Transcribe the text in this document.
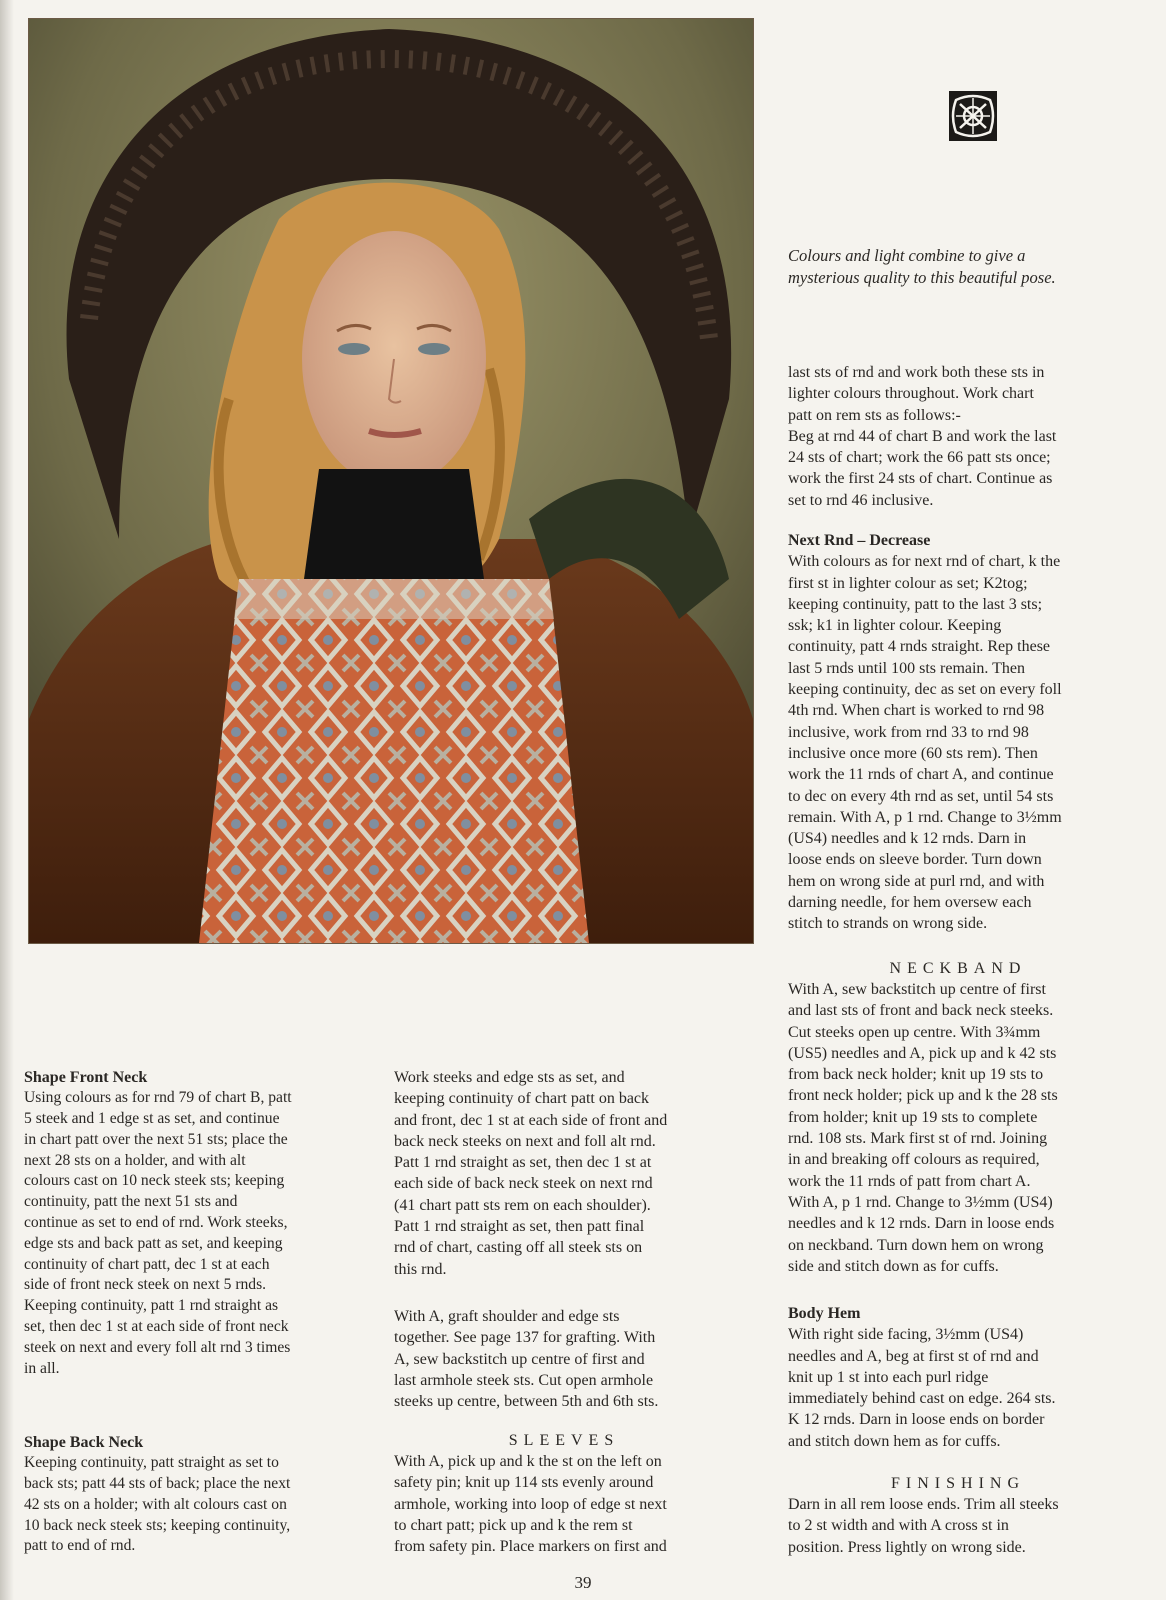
Colours and light combine to give a
mysterious quality to this beautiful pose.
last sts of rnd and work both these sts in
lighter colours throughout. Work chart
patt on rem sts as follows:-
Beg at rnd 44 of chart B and work the last
24 sts of chart; work the 66 patt sts once;
work the first 24 sts of chart. Continue as
set to rnd 46 inclusive.
Next Rnd – Decrease
With colours as for next rnd of chart, k the
first st in lighter colour as set; K2tog;
keeping continuity, patt to the last 3 sts;
ssk; k1 in lighter colour. Keeping
continuity, patt 4 rnds straight. Rep these
last 5 rnds until 100 sts remain. Then
keeping continuity, dec as set on every foll
4th rnd. When chart is worked to rnd 98
inclusive, work from rnd 33 to rnd 98
inclusive once more (60 sts rem). Then
work the 11 rnds of chart A, and continue
to dec on every 4th rnd as set, until 54 sts
remain. With A, p 1 rnd. Change to 3½mm
(US4) needles and k 12 rnds. Darn in
loose ends on sleeve border. Turn down
hem on wrong side at purl rnd, and with
darning needle, for hem oversew each
stitch to strands on wrong side.
NECKBAND
With A, sew backstitch up centre of first
and last sts of front and back neck steeks.
Cut steeks open up centre. With 3¾mm
(US5) needles and A, pick up and k 42 sts
from back neck holder; knit up 19 sts to
front neck holder; pick up and k the 28 sts
from holder; knit up 19 sts to complete
rnd. 108 sts. Mark first st of rnd. Joining
in and breaking off colours as required,
work the 11 rnds of patt from chart A.
With A, p 1 rnd. Change to 3½mm (US4)
needles and k 12 rnds. Darn in loose ends
on neckband. Turn down hem on wrong
side and stitch down as for cuffs.
Body Hem
With right side facing, 3½mm (US4)
needles and A, beg at first st of rnd and
knit up 1 st into each purl ridge
immediately behind cast on edge. 264 sts.
K 12 rnds. Darn in loose ends on border
and stitch down hem as for cuffs.
FINISHING
Darn in all rem loose ends. Trim all steeks
to 2 st width and with A cross st in
position. Press lightly on wrong side.
Shape Front Neck
Using colours as for rnd 79 of chart B, patt
5 steek and 1 edge st as set, and continue
in chart patt over the next 51 sts; place the
next 28 sts on a holder, and with alt
colours cast on 10 neck steek sts; keeping
continuity, patt the next 51 sts and
continue as set to end of rnd. Work steeks,
edge sts and back patt as set, and keeping
continuity of chart patt, dec 1 st at each
side of front neck steek on next 5 rnds.
Keeping continuity, patt 1 rnd straight as
set, then dec 1 st at each side of front neck
steek on next and every foll alt rnd 3 times
in all.
Shape Back Neck
Keeping continuity, patt straight as set to
back sts; patt 44 sts of back; place the next
42 sts on a holder; with alt colours cast on
10 back neck steek sts; keeping continuity,
patt to end of rnd.
Work steeks and edge sts as set, and
keeping continuity of chart patt on back
and front, dec 1 st at each side of front and
back neck steeks on next and foll alt rnd.
Patt 1 rnd straight as set, then dec 1 st at
each side of back neck steek on next rnd
(41 chart patt sts rem on each shoulder).
Patt 1 rnd straight as set, then patt final
rnd of chart, casting off all steek sts on
this rnd.
With A, graft shoulder and edge sts
together. See page 137 for grafting. With
A, sew backstitch up centre of first and
last armhole steek sts. Cut open armhole
steeks up centre, between 5th and 6th sts.
SLEEVES
With A, pick up and k the st on the left on
safety pin; knit up 114 sts evenly around
armhole, working into loop of edge st next
to chart patt; pick up and k the rem st
from safety pin. Place markers on first and
39
